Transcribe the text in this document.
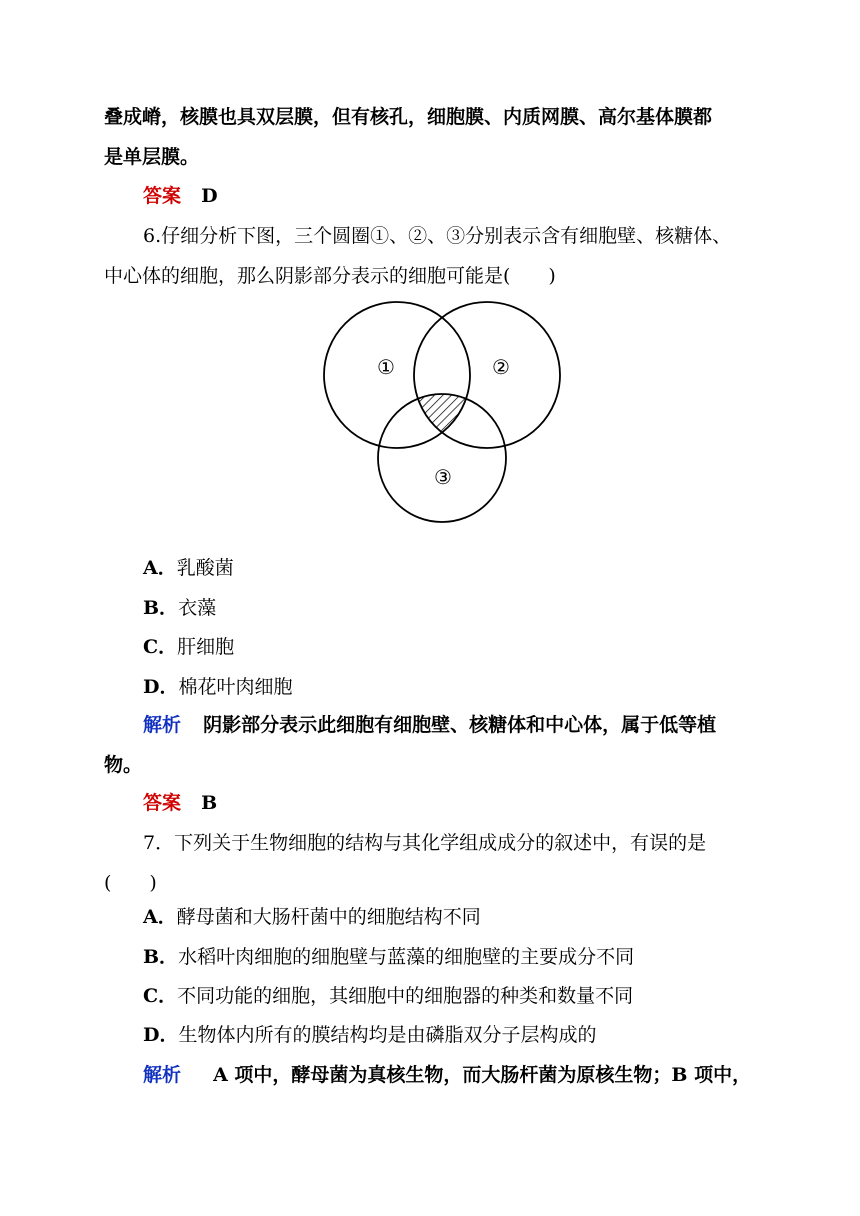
叠成嵴，核膜也具双层膜，但有核孔，细胞膜、内质网膜、高尔基体膜都
是单层膜。
答案 D
6.仔细分析下图，三个圆圈①、②、③分别表示含有细胞壁、核糖体、
中心体的细胞，那么阴影部分表示的细胞可能是(　　)
①	②
③
A．乳酸菌
B．衣藻
C．肝细胞
D．棉花叶肉细胞
解析 阴影部分表示此细胞有细胞壁、核糖体和中心体，属于低等植
物。
答案 B
7．下列关于生物细胞的结构与其化学组成成分的叙述中，有误的是
(　　)
A．酵母菌和大肠杆菌中的细胞结构不同
B．水稻叶肉细胞的细胞壁与蓝藻的细胞壁的主要成分不同
C．不同功能的细胞，其细胞中的细胞器的种类和数量不同
D．生物体内所有的膜结构均是由磷脂双分子层构成的
解析 A 项中，酵母菌为真核生物，而大肠杆菌为原核生物；B 项中，
